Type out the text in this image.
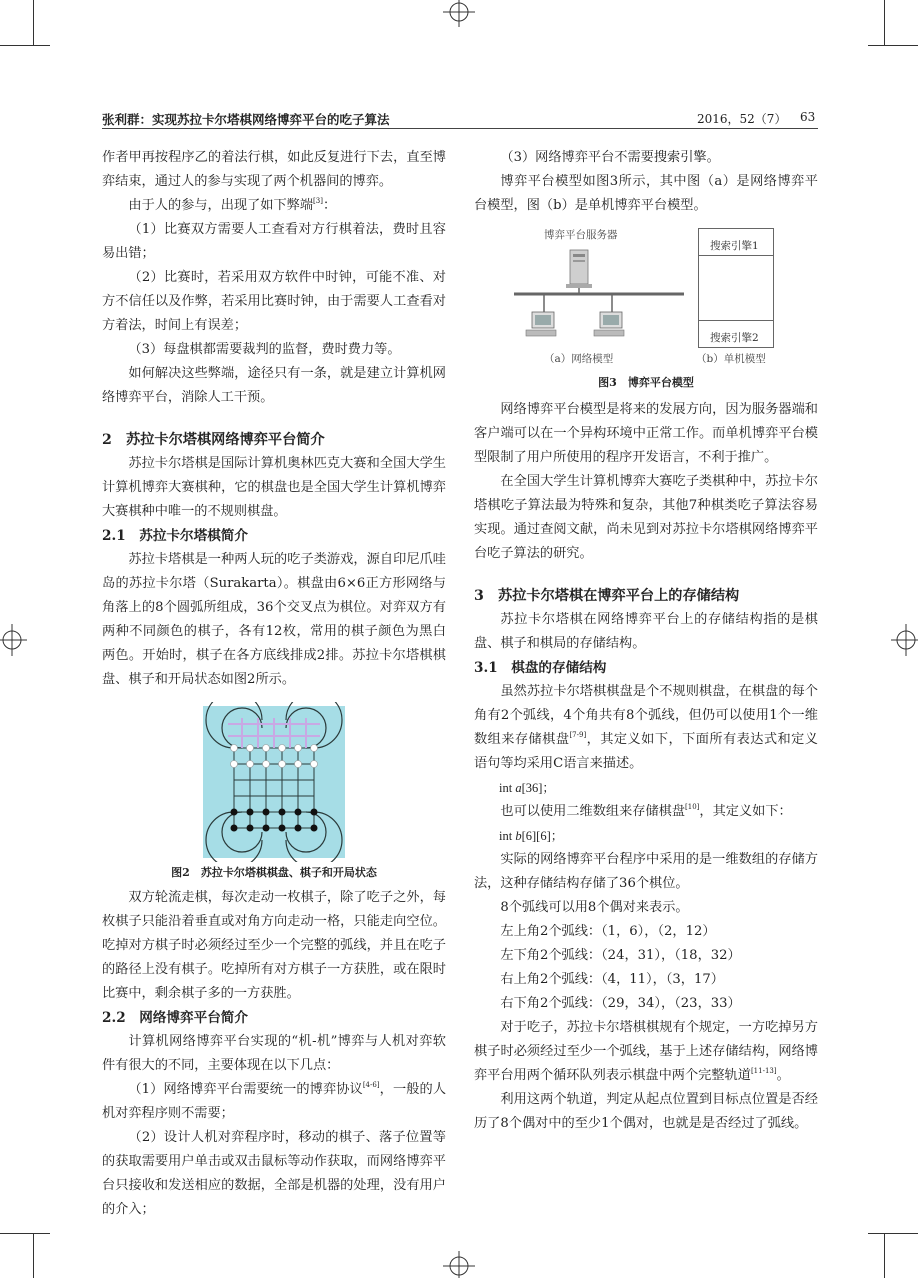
张利群：实现苏拉卡尔塔棋网络博弈平台的吃子算法	2016，52（7） 63

作者甲再按程序乙的着法行棋，如此反复进行下去，直至博弈结束，通过人的参与实现了两个机器间的博弈。

由于人的参与，出现了如下弊端[3]：

（1）比赛双方需要人工查看对方行棋着法，费时且容易出错；

（2）比赛时，若采用双方软件中时钟，可能不准、对方不信任以及作弊，若采用比赛时钟，由于需要人工查看对方着法，时间上有误差；

（3）每盘棋都需要裁判的监督，费时费力等。

如何解决这些弊端，途径只有一条，就是建立计算机网络博弈平台，消除人工干预。

2　苏拉卡尔塔棋网络博弈平台简介

苏拉卡尔塔棋是国际计算机奥林匹克大赛和全国大学生计算机博弈大赛棋种，它的棋盘也是全国大学生计算机博弈大赛棋种中唯一的不规则棋盘。

2.1　苏拉卡尔塔棋简介

苏拉卡塔棋是一种两人玩的吃子类游戏，源自印尼爪哇岛的苏拉卡尔塔（Surakarta）。棋盘由6×6正方形网络与角落上的8个圆弧所组成，36个交叉点为棋位。对弈双方有两种不同颜色的棋子，各有12枚，常用的棋子颜色为黑白两色。开始时，棋子在各方底线排成2排。苏拉卡尔塔棋棋盘、棋子和开局状态如图2所示。

图2　苏拉卡尔塔棋棋盘、棋子和开局状态

双方轮流走棋，每次走动一枚棋子，除了吃子之外，每枚棋子只能沿着垂直或对角方向走动一格，只能走向空位。吃掉对方棋子时必须经过至少一个完整的弧线，并且在吃子的路径上没有棋子。吃掉所有对方棋子一方获胜，或在限时比赛中，剩余棋子多的一方获胜。

2.2　网络博弈平台简介

计算机网络博弈平台实现的“机-机”博弈与人机对弈软件有很大的不同，主要体现在以下几点：

（1）网络博弈平台需要统一的博弈协议[4-6]，一般的人机对弈程序则不需要；

（2）设计人机对弈程序时，移动的棋子、落子位置等的获取需要用户单击或双击鼠标等动作获取，而网络博弈平台只接收和发送相应的数据，全部是机器的处理，没有用户的介入；

（3）网络博弈平台不需要搜索引擎。

博弈平台模型如图3所示，其中图（a）是网络博弈平台模型，图（b）是单机博弈平台模型。

博弈平台服务器
搜索引擎1
搜索引擎2
（a）网络模型	（b）单机模型
图3　博弈平台模型

网络博弈平台模型是将来的发展方向，因为服务器端和客户端可以在一个异构环境中正常工作。而单机博弈平台模型限制了用户所使用的程序开发语言，不利于推广。

在全国大学生计算机博弈大赛吃子类棋种中，苏拉卡尔塔棋吃子算法最为特殊和复杂，其他7种棋类吃子算法容易实现。通过查阅文献，尚未见到对苏拉卡尔塔棋网络博弈平台吃子算法的研究。

3　苏拉卡尔塔棋在博弈平台上的存储结构

苏拉卡尔塔棋在网络博弈平台上的存储结构指的是棋盘、棋子和棋局的存储结构。

3.1　棋盘的存储结构

虽然苏拉卡尔塔棋棋盘是个不规则棋盘，在棋盘的每个角有2个弧线，4个角共有8个弧线，但仍可以使用1个一维数组来存储棋盘[7-9]，其定义如下，下面所有表达式和定义语句等均采用C语言来描述。

int a[36]；

也可以使用二维数组来存储棋盘[10]，其定义如下：

int b[6][6]；

实际的网络博弈平台程序中采用的是一维数组的存储方法，这种存储结构存储了36个棋位。

8个弧线可以用8个偶对来表示。

左上角2个弧线：（1，6），（2，12）

左下角2个弧线：（24，31），（18，32）

右上角2个弧线：（4，11），（3，17）

右下角2个弧线：（29，34），（23，33）

对于吃子，苏拉卡尔塔棋棋规有个规定，一方吃掉另方棋子时必须经过至少一个弧线，基于上述存储结构，网络博弈平台用两个循环队列表示棋盘中两个完整轨道[11-13]。

利用这两个轨道，判定从起点位置到目标点位置是否经历了8个偶对中的至少1个偶对，也就是是否经过了弧线。
